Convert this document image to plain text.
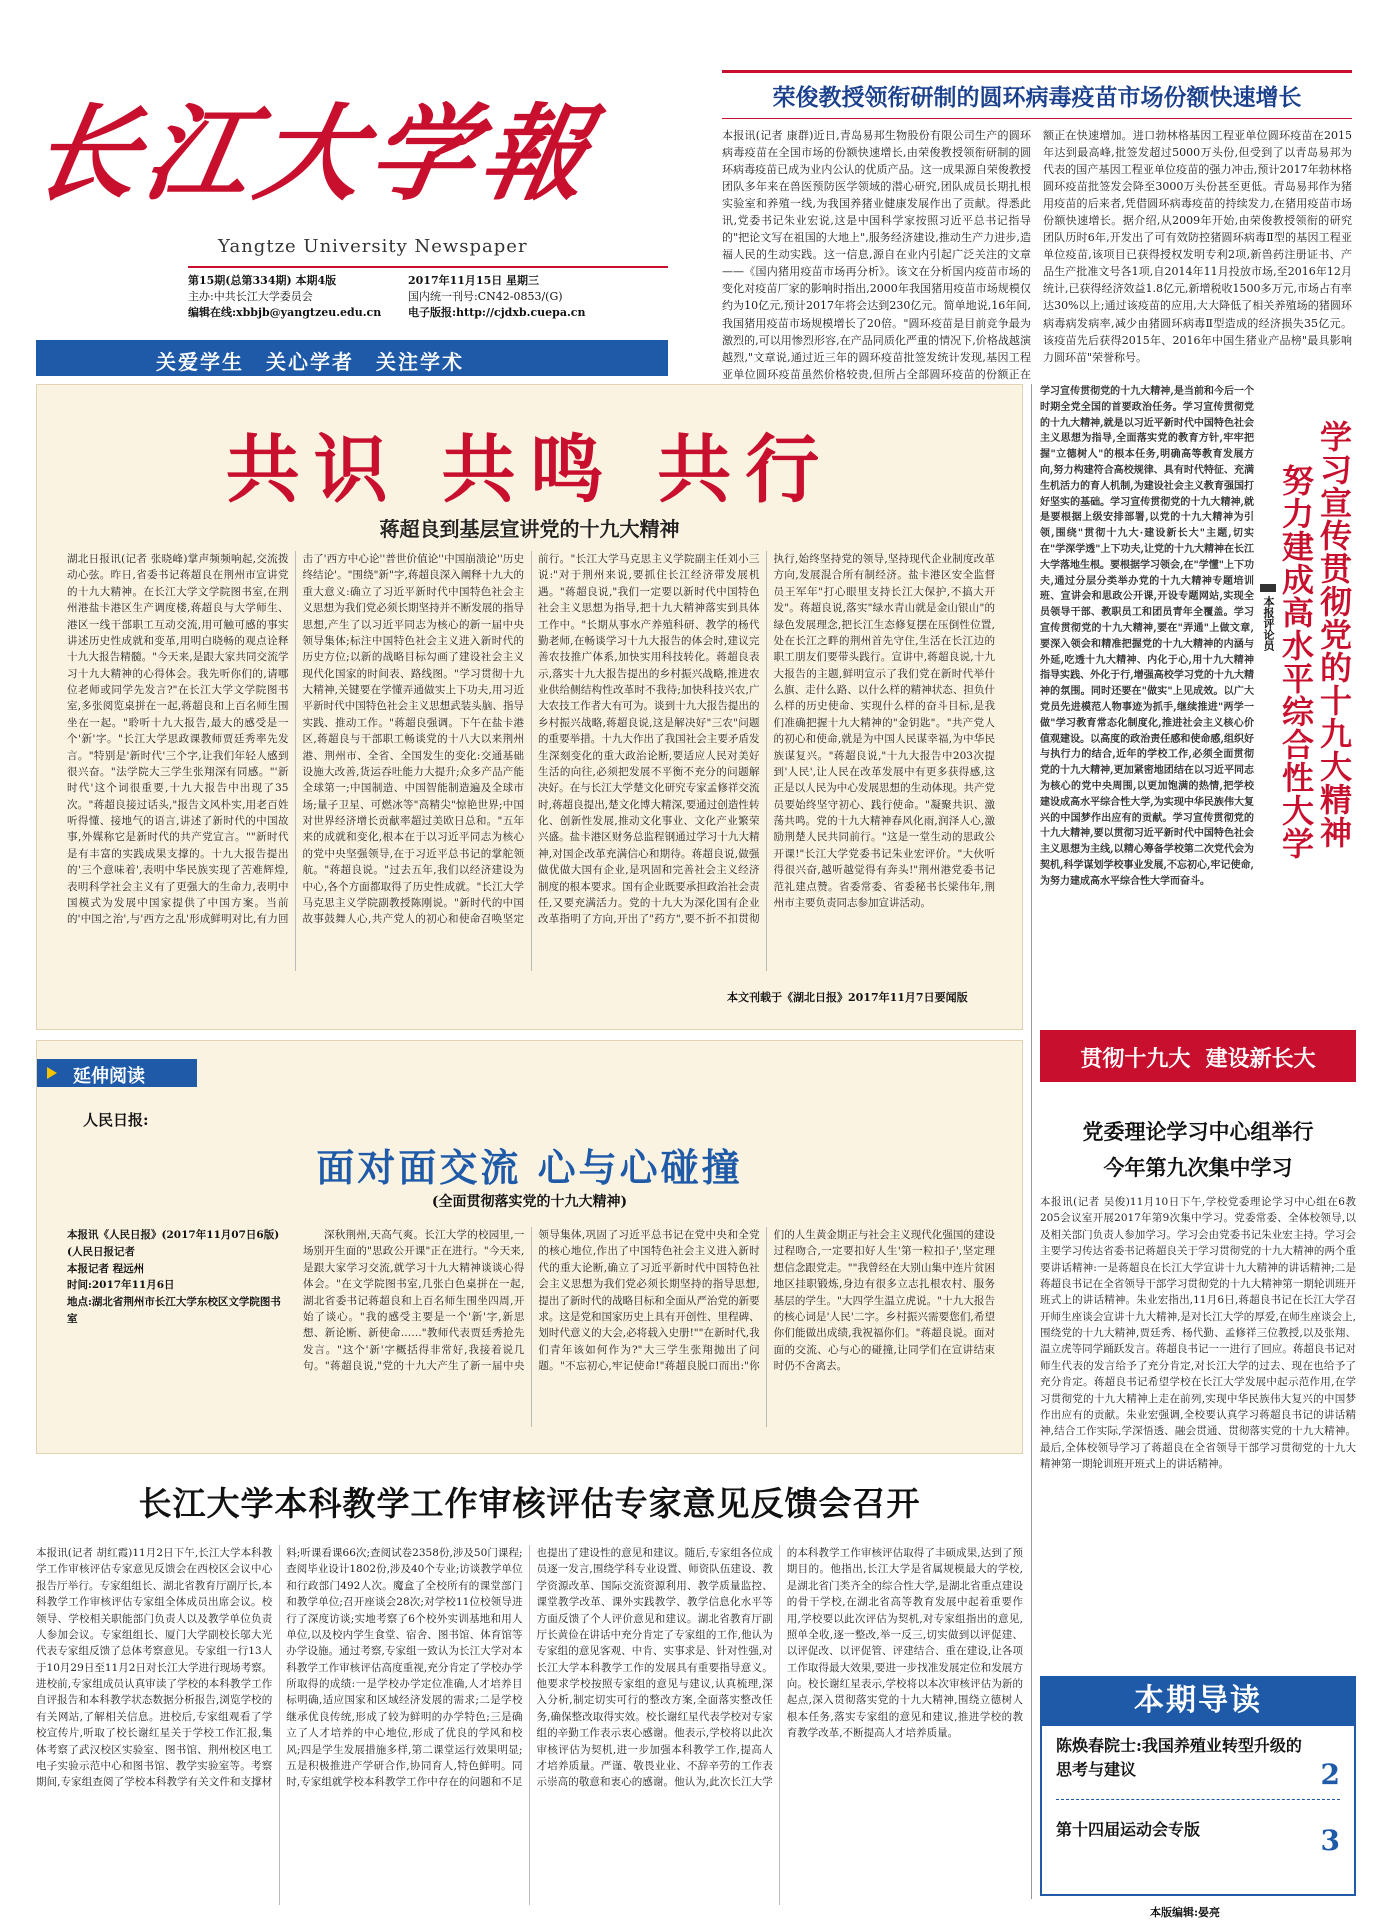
长江大学報
Yangtze University Newspaper
第15期(总第334期) 本期4版	2017年11月15日 星期三
主办:中共长江大学委员会	国内统一刊号:CN42-0853/(G)
编辑在线:xbbjb@yangtzeu.edu.cn 电子版报:http://cjdxb.cuepa.cn
关爱学生　关心学者　关注学术
荣俊教授领衔研制的圆环病毒疫苗市场份额快速增长
本报讯(记者 康群)近日,青岛易邦生物股份有限公司生产的圆环病毒疫苗在全国市场的份额快速增长,由荣俊教授领衔研制的圆环病毒疫苗已成为业内公认的优质产品。这一成果源自荣俊教授团队多年来在兽医预防医学领域的潜心研究,团队成员长期扎根实验室和养殖一线,为我国养猪业健康发展作出了贡献。得悉此讯,党委书记朱业宏说,这是中国科学家按照习近平总书记指导的"把论文写在祖国的大地上",服务经济建设,推动生产力进步,造福人民的生动实践。这一信息,源自在业内引起广泛关注的文章——《国内猪用疫苗市场再分析》。该文在分析国内疫苗市场的变化对疫苗厂家的影响时指出,2000年我国猪用疫苗市场规模仅约为10亿元,预计2017年将会达到230亿元。简单地说,16年间,我国猪用疫苗市场规模增长了20倍。"圆环疫苗是目前竞争最为激烈的,可以用惨烈形容,在产品同质化严重的情况下,价格战越演越烈,"文章说,通过近三年的圆环疫苗批签发统计发现,基因工程亚单位圆环疫苗虽然价格较贵,但所占全部圆环疫苗的份额正在
额正在快速增加。进口勃林格基因工程亚单位圆环疫苗在2015年达到最高峰,批签发超过5000万头份,但受到了以青岛易邦为代表的国产基因工程亚单位疫苗的强力冲击,预计2017年勃林格圆环疫苗批签发会降至3000万头份甚至更低。青岛易邦作为猪用疫苗的后来者,凭借圆环病毒疫苗的持续发力,在猪用疫苗市场份额快速增长。据介绍,从2009年开始,由荣俊教授领衔的研究团队历时6年,开发出了可有效防控猪圆环病毒Ⅱ型的基因工程亚单位疫苗,该项目已获得授权发明专利2项,新兽药注册证书、产品生产批准文号各1项,自2014年11月投放市场,至2016年12月统计,已获得经济效益1.8亿元,新增税收1500多万元,市场占有率达30%以上;通过该疫苗的应用,大大降低了相关养殖场的猪圆环病毒病发病率,减少由猪圆环病毒Ⅱ型造成的经济损失35亿元。该疫苗先后获得2015年、2016年中国生猪业产品榜"最具影响力圆环苗"荣誉称号。
共识 共鸣 共行
蒋超良到基层宣讲党的十九大精神
湖北日报讯(记者 张晓峰)掌声频频响起,交流拨动心弦。昨日,省委书记蒋超良在荆州市宣讲党的十九大精神。在长江大学文学院图书室,在荆州港盐卡港区生产调度楼,蒋超良与大学师生、港区一线干部职工互动交流,用可触可感的事实讲述历史性成就和变革,用明白晓畅的观点诠释十九大报告精髓。"今天来,是跟大家共同交流学习十九大精神的心得体会。我先听你们的,请哪位老师或同学先发言?"在长江大学文学院图书室,多张阅览桌拼在一起,蒋超良和上百名师生围坐在一起。"聆听十九大报告,最大的感受是一个'新'字。"长江大学思政课教师贾廷秀率先发言。"特别是'新时代'三个字,让我们年轻人感到很兴奋。"法学院大三学生张翔深有同感。"'新时代'这个词很重要,十九大报告中出现了35次。"蒋超良接过话头,"报告文风朴实,用老百姓听得懂、接地气的语言,讲述了新时代的中国故事,外媒称它是新时代的共产党宣言。""新时代是有丰富的实践成果支撑的。十九大报告提出的'三个意味着',表明中华民族实现了苦难辉煌,表明科学社会主义有了更强大的生命力,表明中国模式为发展中国家提供了中国方案。当前的'中国之治',与'西方之乱'形成鲜明对比,有力回击了'西方中心论''普世价值论''中国崩溃论''历史终结论'。"围绕"新"字,蒋超良深入阐释十九大的重大意义:确立了习近平新时代中国特色社会主义思想为我们党必须长期坚持并不断发展的指导思想,产生了以习近平同志为核心的新一届中央领导集体;标注中国特色社会主义进入新时代的历史方位;以新的战略目标勾画了建设社会主义现代化国家的时间表、路线图。"学习贯彻十九大精神,关键要在学懂弄通做实上下功夫,用习近平新时代中国特色社会主义思想武装头脑、指导实践、推动工作。"蒋超良强调。下午在盐卡港区,蒋超良与干部职工畅谈党的十八大以来荆州港、荆州市、全省、全国发生的变化:交通基础设施大改善,货运吞吐能力大提升;众多产品产能全球第一;中国制造、中国智能制造遍及全球市场;量子卫星、可燃冰等"高精尖"惊艳世界;中国对世界经济增长贡献率超过美欧日总和。"五年来的成就和变化,根本在于以习近平同志为核心的党中央坚强领导,在于习近平总书记的掌舵领航。"蒋超良说。"过去五年,我们以经济建设为中心,各个方面都取得了历史性成就。"长江大学马克思主义学院副教授陈刚说。"新时代的中国故事鼓舞人心,共产党人的初心和使命召唤坚定前行。"长江大学马克思主义学院副主任刘小三说:"对于荆州来说,要抓住长江经济带发展机遇。"蒋超良说,"我们一定要以新时代中国特色社会主义思想为指导,把十九大精神落实到具体工作中。"长期从事水产养殖科研、教学的杨代勤老师,在畅谈学习十九大报告的体会时,建议完善农技推广体系,加快实用科技转化。蒋超良表示,落实十九大报告提出的乡村振兴战略,推进农业供给侧结构性改革时不我待;加快科技兴农,广大农技工作者大有可为。谈到十九大报告提出的乡村振兴战略,蒋超良说,这是解决好"三农"问题的重要举措。十九大作出了我国社会主要矛盾发生深刻变化的重大政治论断,要适应人民对美好生活的向往,必须把发展不平衡不充分的问题解决好。在与长江大学楚文化研究专家孟修祥交流时,蒋超良提出,楚文化博大精深,要通过创造性转化、创新性发展,推动文化事业、文化产业繁荣兴盛。盐卡港区财务总监程钢通过学习十九大精神,对国企改革充满信心和期待。蒋超良说,做强做优做大国有企业,是巩固和完善社会主义经济制度的根本要求。国有企业既要承担政治社会责任,又要充满活力。党的十九大为深化国有企业改革指明了方向,开出了"药方",要不折不扣贯彻执行,始终坚持党的领导,坚持现代企业制度改革方向,发展混合所有制经济。盐卡港区安全监督员王军年"打心眼里支持长江大保护,不搞大开发"。蒋超良说,落实"绿水青山就是金山银山"的绿色发展理念,把长江生态修复摆在压倒性位置,处在长江之畔的荆州首先守住,生活在长江边的职工朋友们要带头践行。宣讲中,蒋超良说,十九大报告的主题,鲜明宣示了我们党在新时代举什么旗、走什么路、以什么样的精神状态、担负什么样的历史使命、实现什么样的奋斗目标,是我们准确把握十九大精神的"金钥匙"。"共产党人的初心和使命,就是为中国人民谋幸福,为中华民族谋复兴。"蒋超良说,"十九大报告中203次提到'人民',让人民在改革发展中有更多获得感,这正是以人民为中心发展思想的生动体现。共产党员要始终坚守初心、践行使命。"凝聚共识、激荡共鸣。党的十九大精神春风化雨,润泽人心,激励荆楚人民共同前行。"这是一堂生动的思政公开课!"长江大学党委书记朱业宏评价。"大伙听得很兴奋,越听越觉得有奔头!"荆州港党委书记范礼建点赞。省委常委、省委秘书长梁伟年,荆州市主要负责同志参加宣讲活动。
本文刊载于《湖北日报》2017年11月7日要闻版
延伸阅读
人民日报:
面对面交流 心与心碰撞
(全面贯彻落实党的十九大精神)
本报讯《人民日报》(2017年11月07日6版)(人民日报记者
本报记者 程远州
时间:2017年11月6日
地点:湖北省荆州市长江大学东校区文学院图书室
深秋荆州,天高气爽。长江大学的校园里,一场别开生面的"思政公开课"正在进行。"今天来,是跟大家学习交流,就学习十九大精神谈谈心得体会。"在文学院图书室,几张白色桌拼在一起,湖北省委书记蒋超良和上百名师生围坐四周,开始了谈心。"我的感受主要是一个'新'字,新思想、新论断、新使命……"教师代表贾廷秀抢先发言。"这个'新'字概括得非常好,我接着说几句。"蒋超良说,"党的十九大产生了新一届中央领导集体,巩固了习近平总书记在党中央和全党的核心地位,作出了中国特色社会主义进入新时代的重大论断,确立了习近平新时代中国特色社会主义思想为我们党必须长期坚持的指导思想,提出了新时代的战略目标和全面从严治党的新要求。这是党和国家历史上具有开创性、里程碑、划时代意义的大会,必将载入史册!""在新时代,我们青年该如何作为?"大三学生张翔抛出了问题。"不忘初心,牢记使命!"蒋超良脱口而出:"你们的人生黄金期正与社会主义现代化强国的建设过程吻合,一定要扣好人生'第一粒扣子',坚定理想信念跟党走。""我曾经在大别山集中连片贫困地区挂职锻炼,身边有很多立志扎根农村、服务基层的学生。"大四学生温立虎说。"十九大报告的核心词是'人民'二字。乡村振兴需要您们,希望你们能做出成绩,我祝福你们。"蒋超良说。面对面的交流、心与心的碰撞,让同学们在宣讲结束时仍不舍离去。
学习宣传贯彻党的十九大精神,是当前和今后一个时期全党全国的首要政治任务。学习宣传贯彻党的十九大精神,就是以习近平新时代中国特色社会主义思想为指导,全面落实党的教育方针,牢牢把握"立德树人"的根本任务,明确高等教育发展方向,努力构建符合高校规律、具有时代特征、充满生机活力的育人机制,为建设社会主义教育强国打好坚实的基础。学习宣传贯彻党的十九大精神,就是要根据上级安排部署,以党的十九大精神为引领,围绕"贯彻十九大·建设新长大"主题,切实在"学深学透"上下功夫,让党的十九大精神在长江大学落地生根。要根据学习领会,在"学懂"上下功夫,通过分层分类举办党的十九大精神专题培训班、宣讲会和思政公开课,开设专题网站,实现全员领导干部、教职员工和团员青年全覆盖。学习宣传贯彻党的十九大精神,要在"弄通"上做文章,要深入领会和精准把握党的十九大精神的内涵与外延,吃透十九大精神、内化于心,用十九大精神指导实践、外化于行,增强高校学习党的十九大精神的氛围。同时还要在"做实"上见成效。以广大党员先进模范人物事迹为抓手,继续推进"两学一做"学习教育常态化制度化,推进社会主义核心价值观建设。以高度的政治责任感和使命感,组织好与执行力的结合,近年的学校工作,必须全面贯彻党的十九大精神,更加紧密地团结在以习近平同志为核心的党中央周围,以更加饱满的热情,把学校建设成高水平综合性大学,为实现中华民族伟大复兴的中国梦作出应有的贡献。学习宣传贯彻党的十九大精神,要以贯彻习近平新时代中国特色社会主义思想为主线,以精心筹备学校第二次党代会为契机,科学谋划学校事业发展,不忘初心,牢记使命,为努力建成高水平综合性大学而奋斗。
本报评论员 学习宣传贯彻党的十九大精神
努力建成高水平综合性大学
贯彻十九大  建设新长大
党委理论学习中心组举行
今年第九次集中学习
本报讯(记者 吴俊)11月10日下午,学校党委理论学习中心组在6教205会议室开展2017年第9次集中学习。党委常委、全体校领导,以及相关部门负责人参加学习。学习会由党委书记朱业宏主持。学习会主要学习传达省委书记蒋超良关于学习贯彻党的十九大精神的两个重要讲话精神:一是蒋超良在长江大学宣讲十九大精神的讲话精神;二是蒋超良书记在全省领导干部学习贯彻党的十九大精神第一期轮训班开班式上的讲话精神。朱业宏指出,11月6日,蒋超良书记在长江大学召开师生座谈会宣讲十九大精神,是对长江大学的厚爱,在师生座谈会上,围绕党的十九大精神,贾廷秀、杨代勤、孟修祥三位教授,以及张翔、温立虎等同学踊跃发言。蒋超良书记一一进行了回应。蒋超良书记对师生代表的发言给予了充分肯定,对长江大学的过去、现在也给予了充分肯定。蒋超良书记希望学校在长江大学发展中起示范作用,在学习贯彻党的十九大精神上走在前列,实现中华民族伟大复兴的中国梦作出应有的贡献。朱业宏强调,全校要认真学习蒋超良书记的讲话精神,结合工作实际,学深悟透、融会贯通、贯彻落实党的十九大精神。最后,全体校领导学习了蒋超良在全省领导干部学习贯彻党的十九大精神第一期轮训班开班式上的讲话精神。
本期导读
陈焕春院士:我国养殖业转型升级的思考与建议	2
第十四届运动会专版	3
本版编辑:晏亮
长江大学本科教学工作审核评估专家意见反馈会召开
本报讯(记者 胡红霞)11月2日下午,长江大学本科教学工作审核评估专家意见反馈会在西校区会议中心报告厅举行。专家组组长、湖北省教育厅副厅长,本科教学工作审核评估专家组全体成员出席会议。校领导、学校相关职能部门负责人以及教学单位负责人参加会议。专家组组长、厦门大学副校长邬大光代表专家组反馈了总体考察意见。专家组一行13人于10月29日至11月2日对长江大学进行现场考察。进校前,专家组成员认真审读了学校的本科教学工作自评报告和本科教学状态数据分析报告,浏览学校的有关网站,了解相关信息。进校后,专家组观看了学校宣传片,听取了校长谢红星关于学校工作汇报,集体考察了武汉校区实验室、图书馆、荆州校区电工电子实验示范中心和图书馆、教学实验室等。考察期间,专家组查阅了学校本科教学有关文件和支撑材料;听课看课66次;查阅试卷2358份,涉及50门课程;查阅毕业设计1802份,涉及40个专业;访谈教学单位和行政部门492人次。魔盒了全校所有的课堂部门和教学单位;召开座谈会28次;对学校11位校领导进行了深度访谈;实地考察了6个校外实训基地和用人单位,以及校内学生食堂、宿舍、图书馆、体育馆等办学设施。通过考察,专家组一致认为长江大学对本科教学工作审核评估高度重视,充分肯定了学校办学所取得的成绩:一是学校办学定位准确,人才培养目标明确,适应国家和区域经济发展的需求;二是学校继承优良传统,形成了较为鲜明的办学特色;三是确立了人才培养的中心地位,形成了优良的学风和校风;四是学生发展措施多样,第二课堂运行效果明显;五是积极推进产学研合作,协同育人,特色鲜明。同时,专家组就学校本科教学工作中存在的问题和不足也提出了建设性的意见和建议。随后,专家组各位成员逐一发言,围绕学科专业设置、师资队伍建设、教学资源改革、国际交流资源利用、教学质量监控、课堂教学改革、课外实践教学、教学信息化水平等方面反馈了个人评价意见和建议。湖北省教育厅副厅长黄俭在讲话中充分肯定了专家组的工作,他认为专家组的意见客观、中肯、实事求是、针对性强,对长江大学本科教学工作的发展具有重要指导意义。他要求学校按照专家组的意见与建议,认真梳理,深入分析,制定切实可行的整改方案,全面落实整改任务,确保整改取得实效。校长谢红星代表学校对专家组的辛勤工作表示衷心感谢。他表示,学校将以此次审核评估为契机,进一步加强本科教学工作,提高人才培养质量。严谨、敬畏业业、不辞辛劳的工作表示崇高的敬意和衷心的感谢。他认为,此次长江大学的本科教学工作审核评估取得了丰硕成果,达到了预期目的。他指出,长江大学是省属规模最大的学校,是湖北省门类齐全的综合性大学,是湖北省重点建设的骨干学校,在湖北省高等教育发展中起着重要作用,学校要以此次评估为契机,对专家组指出的意见,照单全收,逐一整改,举一反三,切实做到以评促建、以评促改、以评促管、评建结合、重在建设,让各项工作取得最大效果,要进一步找准发展定位和发展方向。校长谢红星表示,学校将以本次审核评估为新的起点,深入贯彻落实党的十九大精神,围绕立德树人根本任务,落实专家组的意见和建议,推进学校的教育教学改革,不断提高人才培养质量。
